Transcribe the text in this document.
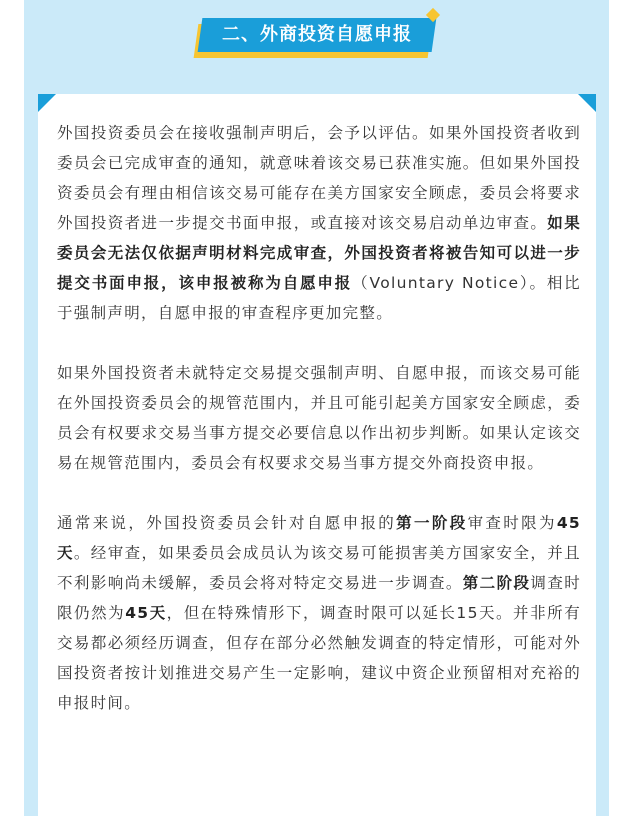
二、外商投资自愿申报

外国投资委员会在接收强制声明后，会予以评估。如果外国投资者收到委员会已完成审查的通知，就意味着该交易已获准实施。但如果外国投资委员会有理由相信该交易可能存在美方国家安全顾虑，委员会将要求外国投资者进一步提交书面申报，或直接对该交易启动单边审查。如果委员会无法仅依据声明材料完成审查，外国投资者将被告知可以进一步提交书面申报，该申报被称为自愿申报（Voluntary Notice）。相比于强制声明，自愿申报的审查程序更加完整。

如果外国投资者未就特定交易提交强制声明、自愿申报，而该交易可能在外国投资委员会的规管范围内，并且可能引起美方国家安全顾虑，委员会有权要求交易当事方提交必要信息以作出初步判断。如果认定该交易在规管范围内，委员会有权要求交易当事方提交外商投资申报。

通常来说，外国投资委员会针对自愿申报的第一阶段审查时限为45天。经审查，如果委员会成员认为该交易可能损害美方国家安全，并且不利影响尚未缓解，委员会将对特定交易进一步调查。第二阶段调查时限仍然为45天，但在特殊情形下，调查时限可以延长15天。并非所有交易都必须经历调查，但存在部分必然触发调查的特定情形，可能对外国投资者按计划推进交易产生一定影响，建议中资企业预留相对充裕的申报时间。
